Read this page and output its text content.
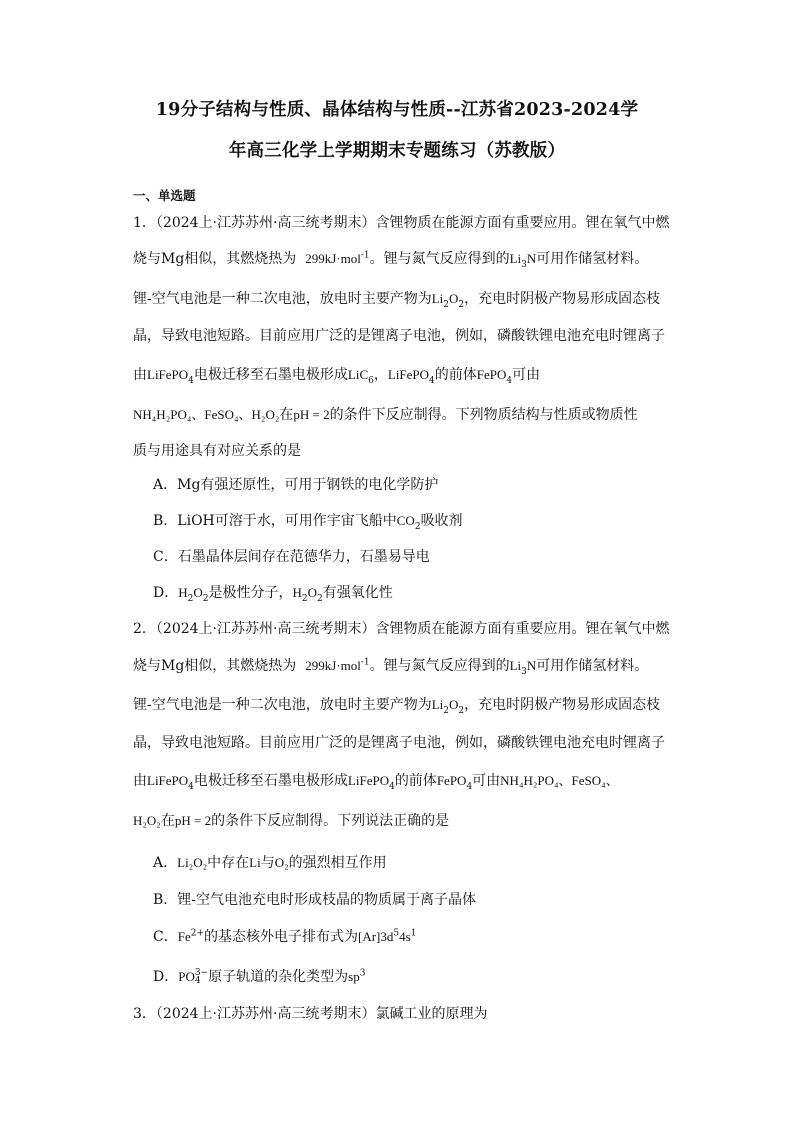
19分子结构与性质、晶体结构与性质--江苏省2023-2024学
年高三化学上学期期末专题练习（苏教版）
一、单选题
1．（2024上·江苏苏州·高三统考期末）含锂物质在能源方面有重要应用。锂在氧气中燃
烧与Mg相似，其燃烧热为 299kJ·mol$^{-1}$。锂与氮气反应得到的$Li_3N$可用作储氢材料。
锂-空气电池是一种二次电池，放电时主要产物为$Li_2O_2$，充电时阴极产物易形成固态枝
晶，导致电池短路。目前应用广泛的是锂离子电池，例如，磷酸铁锂电池充电时锂离子
由LiFePO$_4$电极迁移至石墨电极形成LiC$_6$，LiFePO$_4$的前体FePO$_4$可由
NH₄H₂PO₄、FeSO₄、H₂O₂在pH = 2的条件下反应制得。下列物质结构与性质或物质性
质与用途具有对应关系的是
A．Mg有强还原性，可用于钢铁的电化学防护
B．LiOH可溶于水，可用作宇宙飞船中$CO_2$吸收剂
C．石墨晶体层间存在范德华力，石墨易导电
D．$H_2O_2$是极性分子，$H_2O_2$有强氧化性
2．（2024上·江苏苏州·高三统考期末）含锂物质在能源方面有重要应用。锂在氧气中燃
烧与Mg相似，其燃烧热为 299kJ·mol$^{-1}$。锂与氮气反应得到的$Li_3N$可用作储氢材料。
锂-空气电池是一种二次电池，放电时主要产物为$Li_2O_2$，充电时阴极产物易形成固态枝
晶，导致电池短路。目前应用广泛的是锂离子电池，例如，磷酸铁锂电池充电时锂离子
由LiFePO$_4$电极迁移至石墨电极形成LiFePO$_4$的前体FePO$_4$可由NH₄H₂PO₄、FeSO₄、
H₂O₂在pH = 2的条件下反应制得。下列说法正确的是
A．Li₂O₂中存在Li与O₂的强烈相互作用
B．锂-空气电池充电时形成枝晶的物质属于离子晶体
C．$Fe^{2+}$的基态核外电子排布式为$[Ar]3d^54s^1$
D．PO 3−
4 原子轨道的杂化类型为$sp^3$
3．（2024上·江苏苏州·高三统考期末）氯碱工业的原理为
